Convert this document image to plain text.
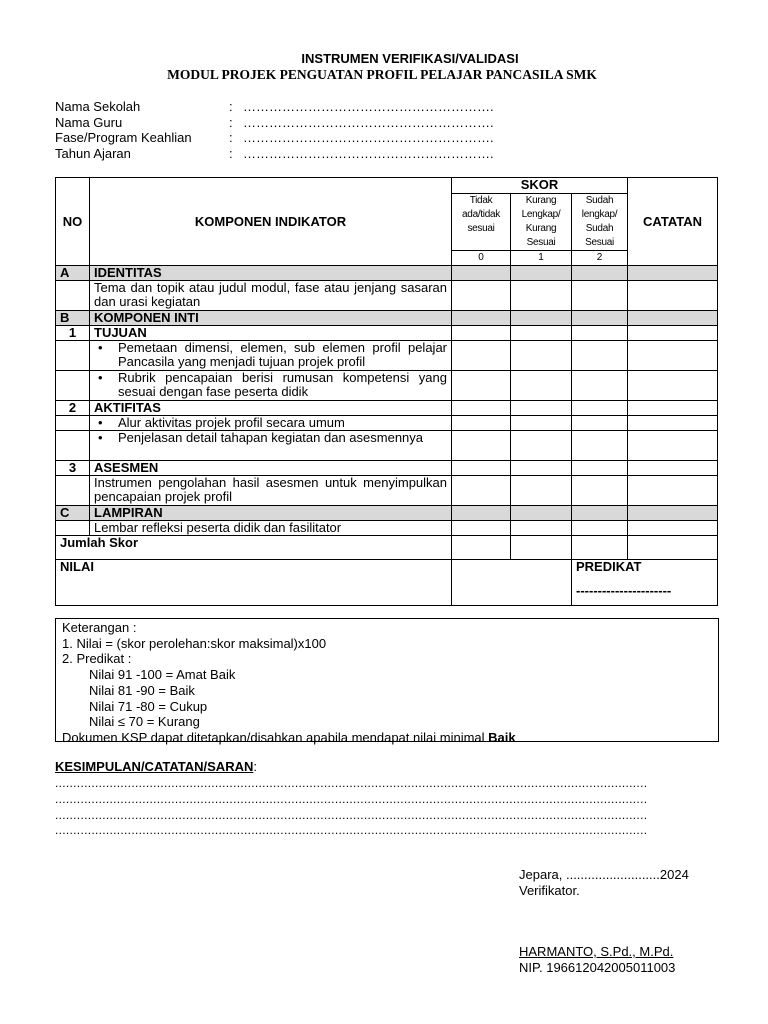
INSTRUMEN VERIFIKASI/VALIDASI
MODUL PROJEK PENGUATAN PROFIL PELAJAR PANCASILA SMK
Nama Sekolah	: ………………………………………………….
Nama Guru	: ………………………………………………….
Fase/Program Keahlian	: ………………………………………………….
Tahun Ajaran	: ………………………………………………….
NO	KOMPONEN INDIKATOR	SKOR			CATATAN
		Tidak ada/tidak sesuai	Kurang Lengkap/ Kurang Sesuai	Sudah lengkap/ Sudah Sesuai	
		0	1	2	
A	IDENTITAS				
	Tema dan topik atau judul modul, fase atau jenjang sasaran dan urasi kegiatan				
B	KOMPONEN INTI				
1	TUJUAN				

	• Pemetaan dimensi, elemen, sub elemen profil pelajar Pancasila yang menjadi tujuan projek profil				

	• Rubrik pencapaian berisi rumusan kompetensi yang sesuai dengan fase peserta didik				

2	AKTIFITAS				

	• Alur aktivitas projek profil secara umum				

	• Penjelasan detail tahapan kegiatan dan asesmennya				

3	ASESMEN				
	Instrumen pengolahan hasil asesmen untuk menyimpulkan pencapaian projek profil				
C	LAMPIRAN				
	Lembar refleksi peserta didik dan fasilitator				
Jumlah Skor					
NILAI				PREDIKAT
----------------------	
Keterangan :
1. Nilai = (skor perolehan:skor maksimal)x100
2. Predikat :
Nilai 91 -100 = Amat Baik
Nilai 81 -90 = Baik
Nilai 71 -80 = Cukup
Nilai ≤ 70 = Kurang
Dokumen KSP dapat ditetapkan/disahkan apabila mendapat nilai minimal Baik
KESIMPULAN/CATATAN/SARAN:
...................................................................................................................................................................
...................................................................................................................................................................
...................................................................................................................................................................
...................................................................................................................................................................
Jepara, ..........................2024
Verifikator.
HARMANTO, S.Pd., M.Pd.
NIP. 196612042005011003
